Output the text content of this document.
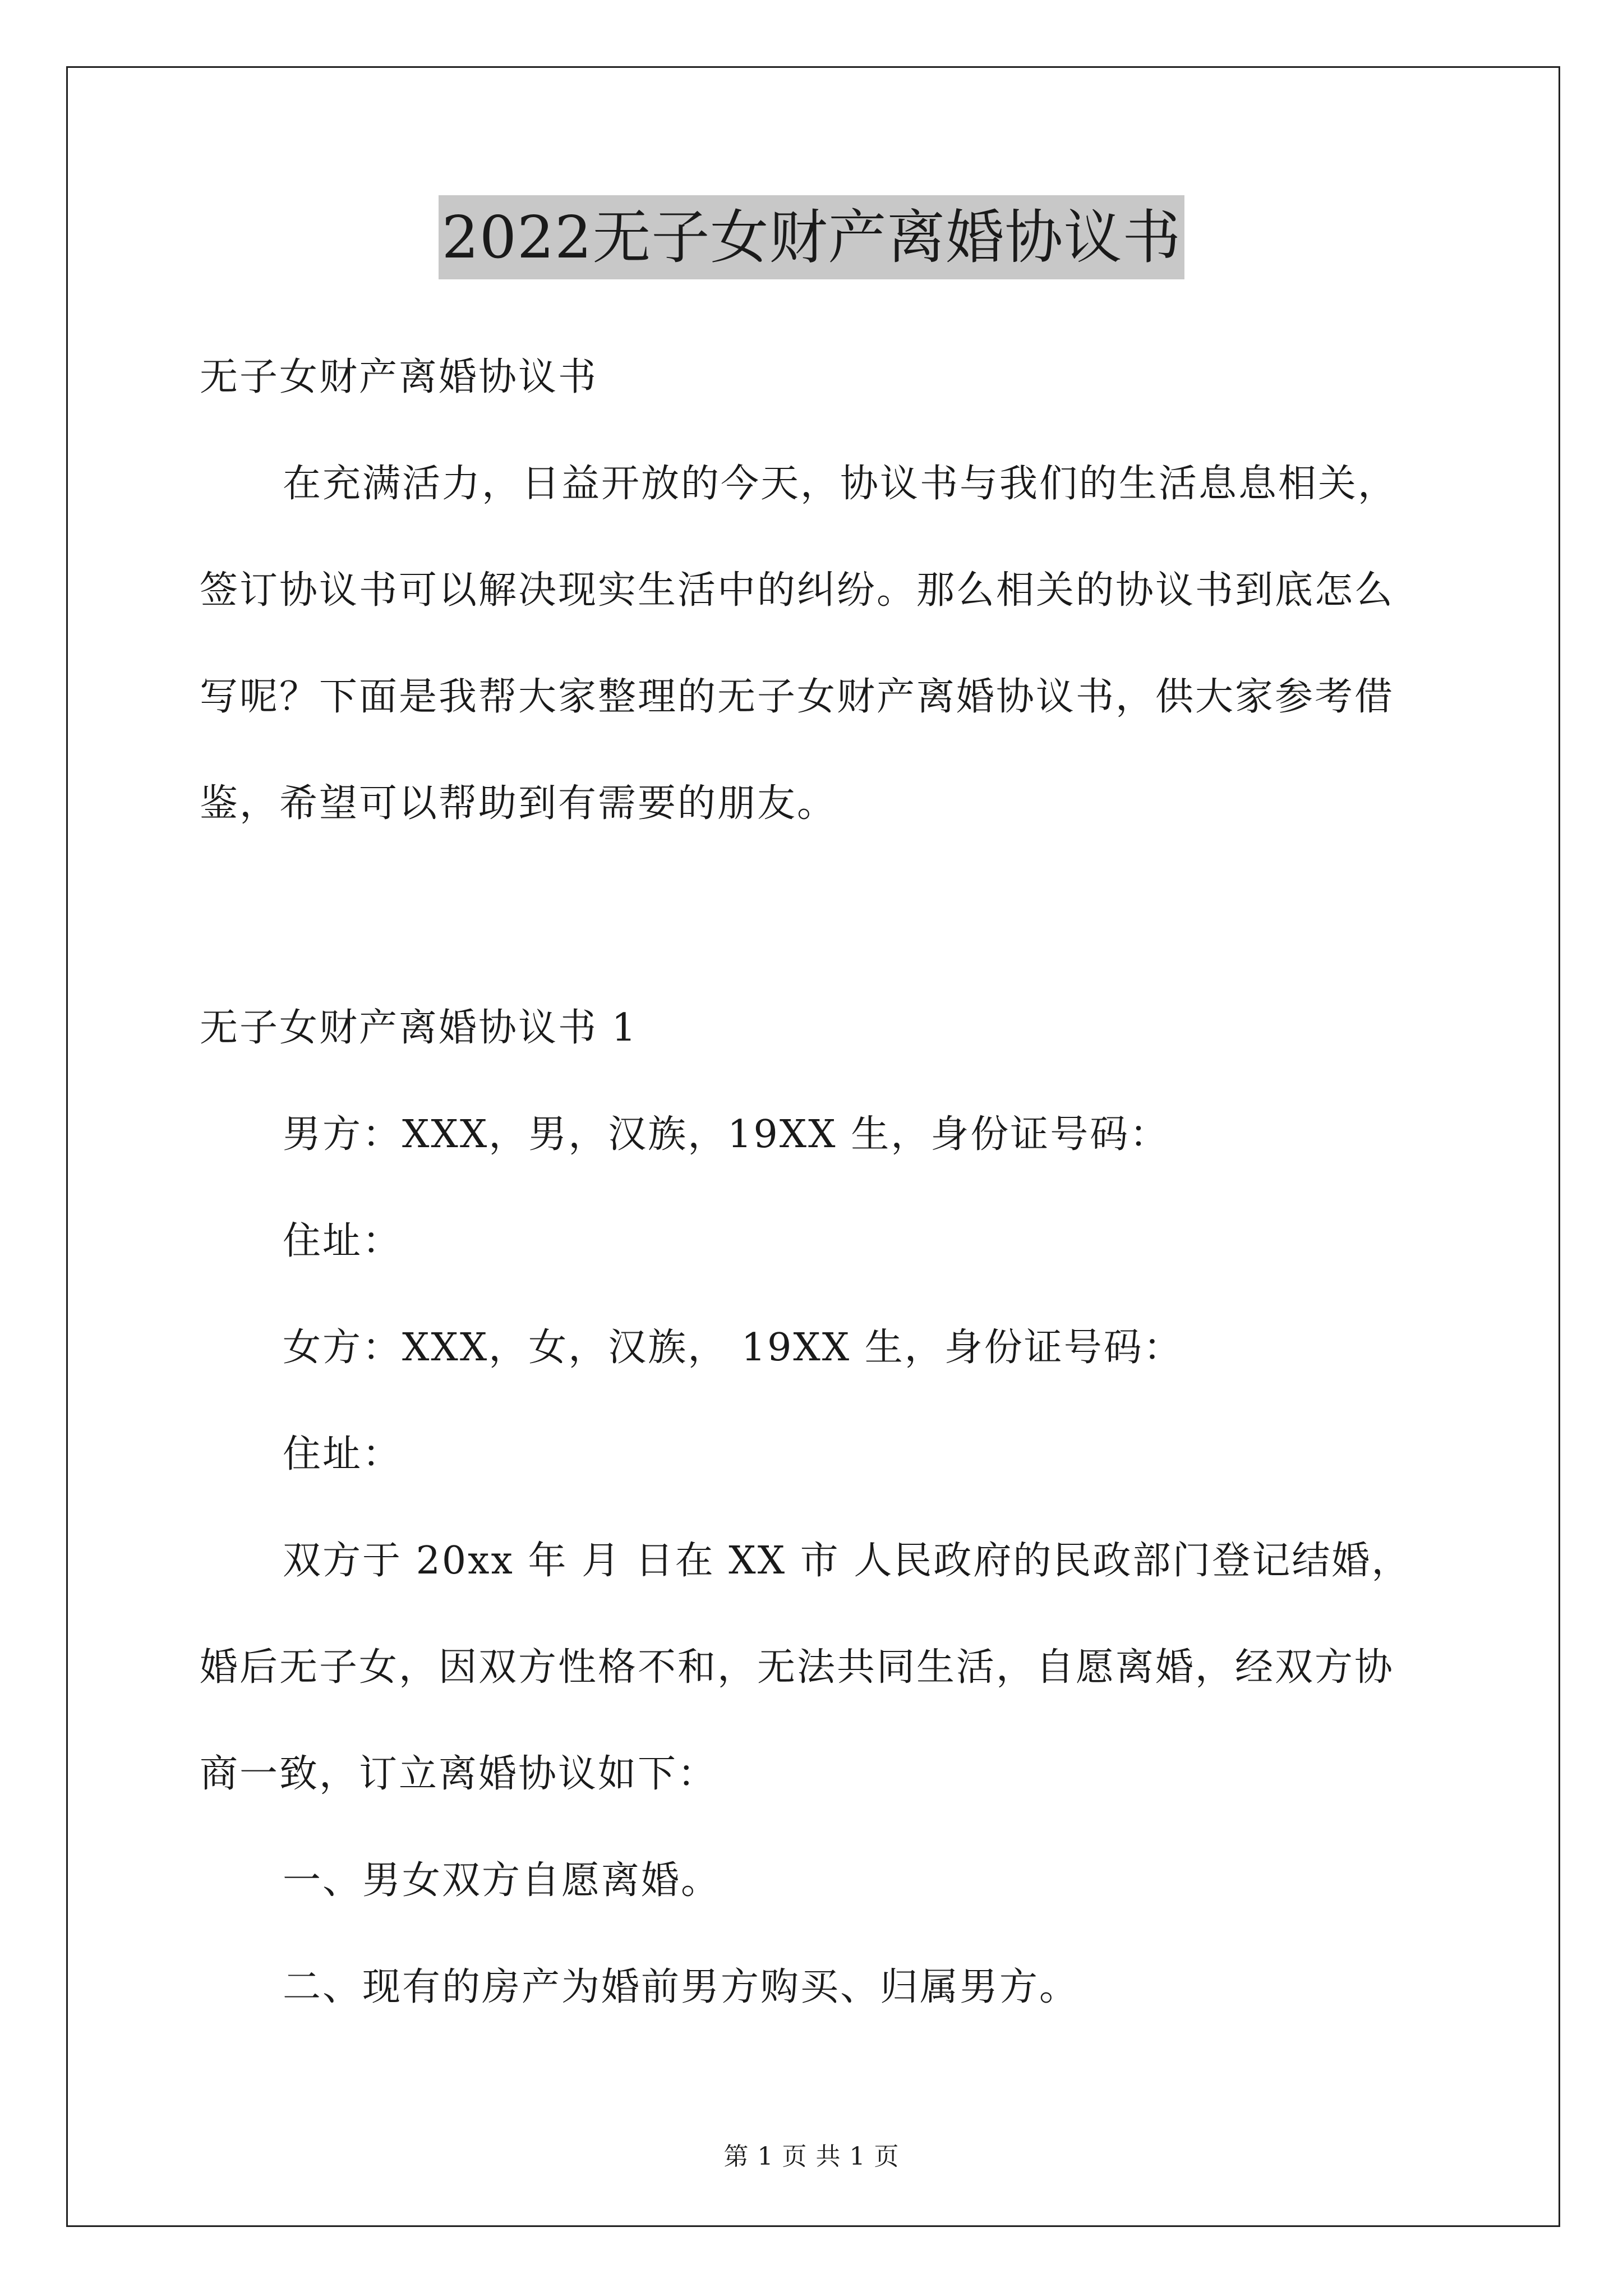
2022无子女财产离婚协议书
无子女财产离婚协议书
在充满活力，日益开放的今天，协议书与我们的生活息息相关，
签订协议书可以解决现实生活中的纠纷。那么相关的协议书到底怎么
写呢？下面是我帮大家整理的无子女财产离婚协议书，供大家参考借
鉴，希望可以帮助到有需要的朋友。
无子女财产离婚协议书 1
男方：XXX，男，汉族，19XX 生，身份证号码：
住址：
女方：XXX，女，汉族， 19XX 生，身份证号码：
住址：
双方于 20xx 年 月 日在 XX 市 人民政府的民政部门登记结婚，
婚后无子女，因双方性格不和，无法共同生活，自愿离婚，经双方协
商一致，订立离婚协议如下：
一、男女双方自愿离婚。
二、现有的房产为婚前男方购买、归属男方。
第 1 页 共 1 页
